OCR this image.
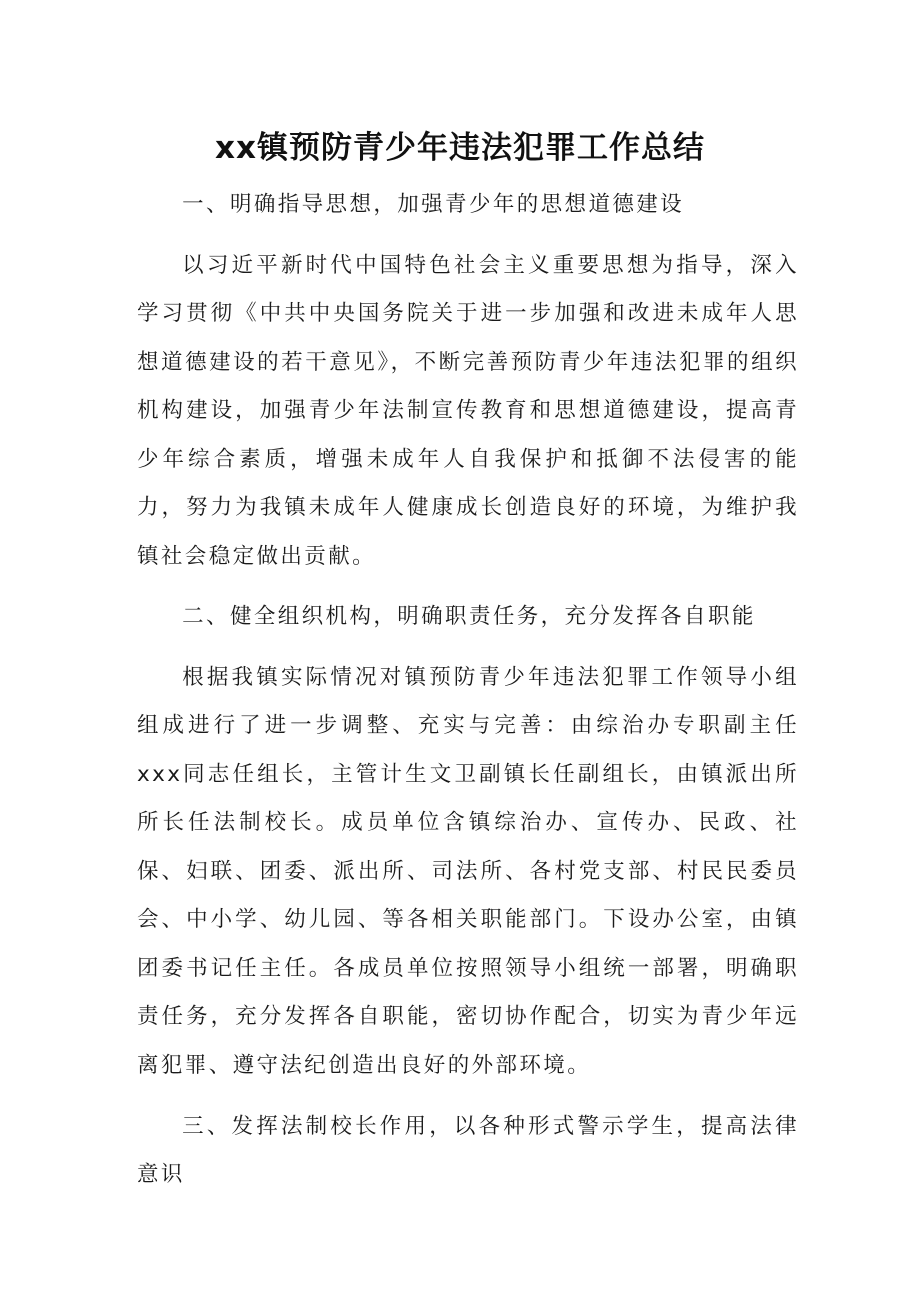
xx镇预防青少年违法犯罪工作总结

一、明确指导思想，加强青少年的思想道德建设

以习近平新时代中国特色社会主义重要思想为指导，深入学习贯彻《中共中央国务院关于进一步加强和改进未成年人思想道德建设的若干意见》，不断完善预防青少年违法犯罪的组织机构建设，加强青少年法制宣传教育和思想道德建设，提高青少年综合素质，增强未成年人自我保护和抵御不法侵害的能力，努力为我镇未成年人健康成长创造良好的环境，为维护我镇社会稳定做出贡献。

二、健全组织机构，明确职责任务，充分发挥各自职能

根据我镇实际情况对镇预防青少年违法犯罪工作领导小组组成进行了进一步调整、充实与完善：由综治办专职副主任xxx同志任组长，主管计生文卫副镇长任副组长，由镇派出所所长任法制校长。成员单位含镇综治办、宣传办、民政、社保、妇联、团委、派出所、司法所、各村党支部、村民民委员会、中小学、幼儿园、等各相关职能部门。下设办公室，由镇团委书记任主任。各成员单位按照领导小组统一部署，明确职责任务，充分发挥各自职能，密切协作配合，切实为青少年远离犯罪、遵守法纪创造出良好的外部环境。

三、发挥法制校长作用，以各种形式警示学生，提高法律意识
